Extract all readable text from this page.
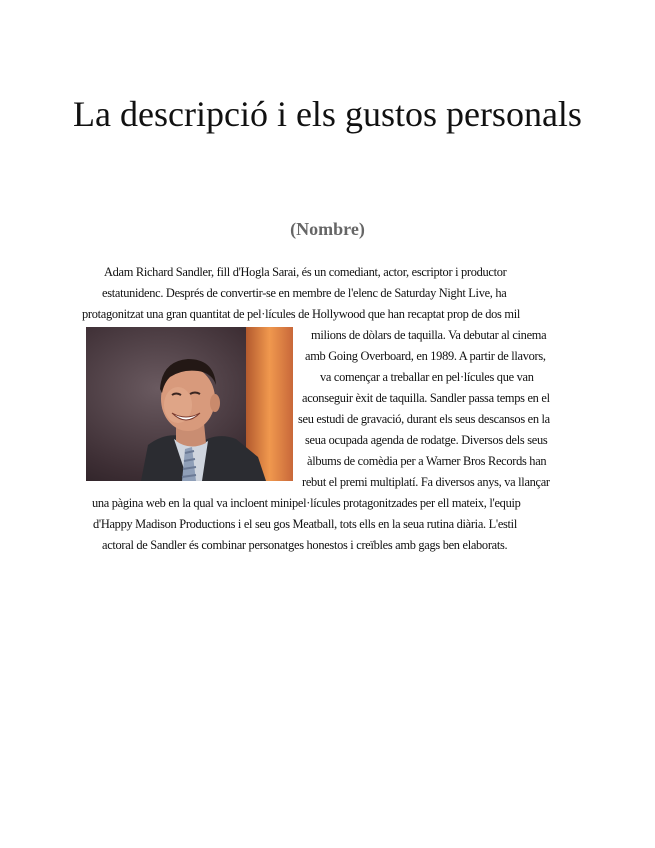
La descripció i els gustos personals

(Nombre)

Adam Richard Sandler, fill d'Hogla Sarai, és un comediant, actor, escriptor i productor
estatunidenc. Després de convertir-se en membre de l'elenc de Saturday Night Live, ha
protagonitzat una gran quantitat de pel·lícules de Hollywood que han recaptat prop de dos mil
milions de dòlars de taquilla. Va debutar al cinema
amb Going Overboard, en 1989. A partir de llavors,
va començar a treballar en pel·lícules que van
aconseguir èxit de taquilla. Sandler passa temps en el
seu estudi de gravació, durant els seus descansos en la
seua ocupada agenda de rodatge. Diversos dels seus
àlbums de comèdia per a Warner Bros Records han
rebut el premi multiplatí. Fa diversos anys, va llançar
una pàgina web en la qual va incloent minipel·lícules protagonitzades per ell mateix, l'equip
d'Happy Madison Productions i el seu gos Meatball, tots ells en la seua rutina diària. L'estil
actoral de Sandler és combinar personatges honestos i creïbles amb gags ben elaborats.
